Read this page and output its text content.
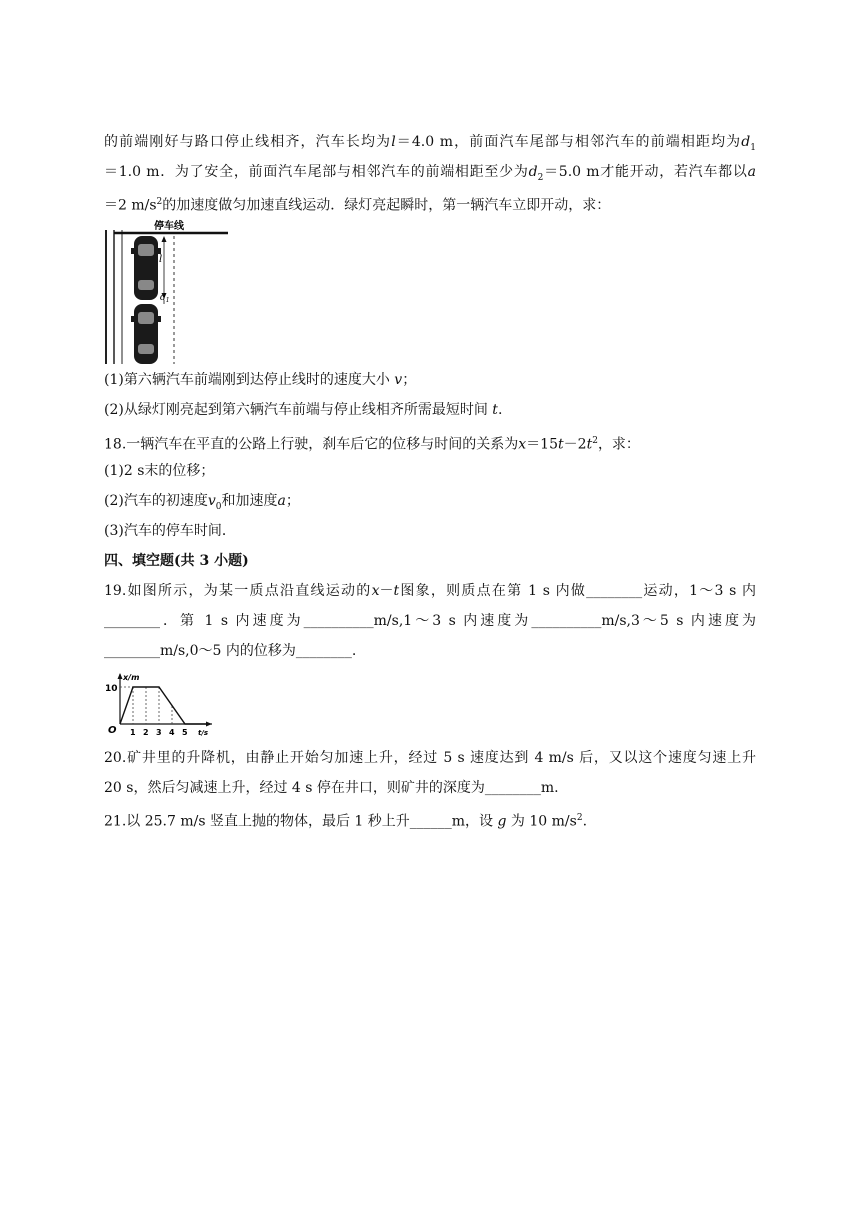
的前端刚好与路口停止线相齐，汽车长均为l＝4.0 m，前面汽车尾部与相邻汽车的前端相距均为$d_1$
＝1.0 m．为了安全，前面汽车尾部与相邻汽车的前端相距至少为$d_2=5.0$ m才能开动，若汽车都以a
＝2 $m/s^2$的加速度做匀加速直线运动．绿灯亮起瞬时，第一辆汽车立即开动，求：
停车线
l
$d_1$
(1)第六辆汽车前端刚到达停止线时的速度大小 v；
(2)从绿灯刚亮起到第六辆汽车前端与停止线相齐所需最短时间 t.
18.一辆汽车在平直的公路上行驶，刹车后它的位移与时间的关系为$x=15t-2t^2$，求：
(1)2 s末的位移；
(2)汽车的初速度$v_0$和加速度a；
(3)汽车的停车时间．
四、填空题(共 3 小题)
19.如图所示，为某一质点沿直线运动的x－t图象，则质点在第 1 s 内做________运动，1～3 s 内
________．第 1 s 内速度为__________m/s,1～3 s 内速度为__________m/s,3～5 s 内速度为
________m/s,0～5 内的位移为________.
x/m
10
O 1 2 3 4 5 t/s
20.矿井里的升降机，由静止开始匀加速上升，经过 5 s 速度达到 4 m/s 后，又以这个速度匀速上升
20 s，然后匀减速上升，经过 4 s 停在井口，则矿井的深度为________m.
21.以 25.7 m/s 竖直上抛的物体，最后 1 秒上升______m，设 g 为 10 $m/s^2$.
